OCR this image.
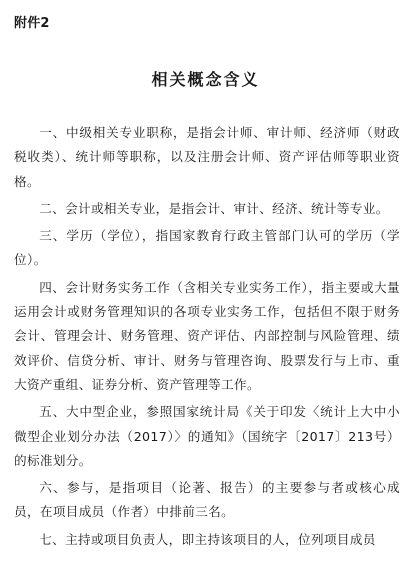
附件2
相关概念含义

一、中级相关专业职称，是指会计师、审计师、经济师（财政税收类）、统计师等职称，以及注册会计师、资产评估师等职业资格。

二、会计或相关专业，是指会计、审计、经济、统计等专业。

三、学历（学位），指国家教育行政主管部门认可的学历（学位）。

四、会计财务实务工作（含相关专业实务工作），指主要或大量运用会计或财务管理知识的各项专业实务工作，包括但不限于财务会计、管理会计、财务管理、资产评估、内部控制与风险管理、绩效评价、信贷分析、审计、财务与管理咨询、股票发行与上市、重大资产重组、证券分析、资产管理等工作。

五、大中型企业，参照国家统计局《关于印发〈统计上大中小微型企业划分办法（2017）〉的通知》（国统字〔2017〕213号）的标准划分。

六、参与，是指项目（论著、报告）的主要参与者或核心成员，在项目成员（作者）中排前三名。

七、主持或项目负责人，即主持该项目的人，位列项目成员
